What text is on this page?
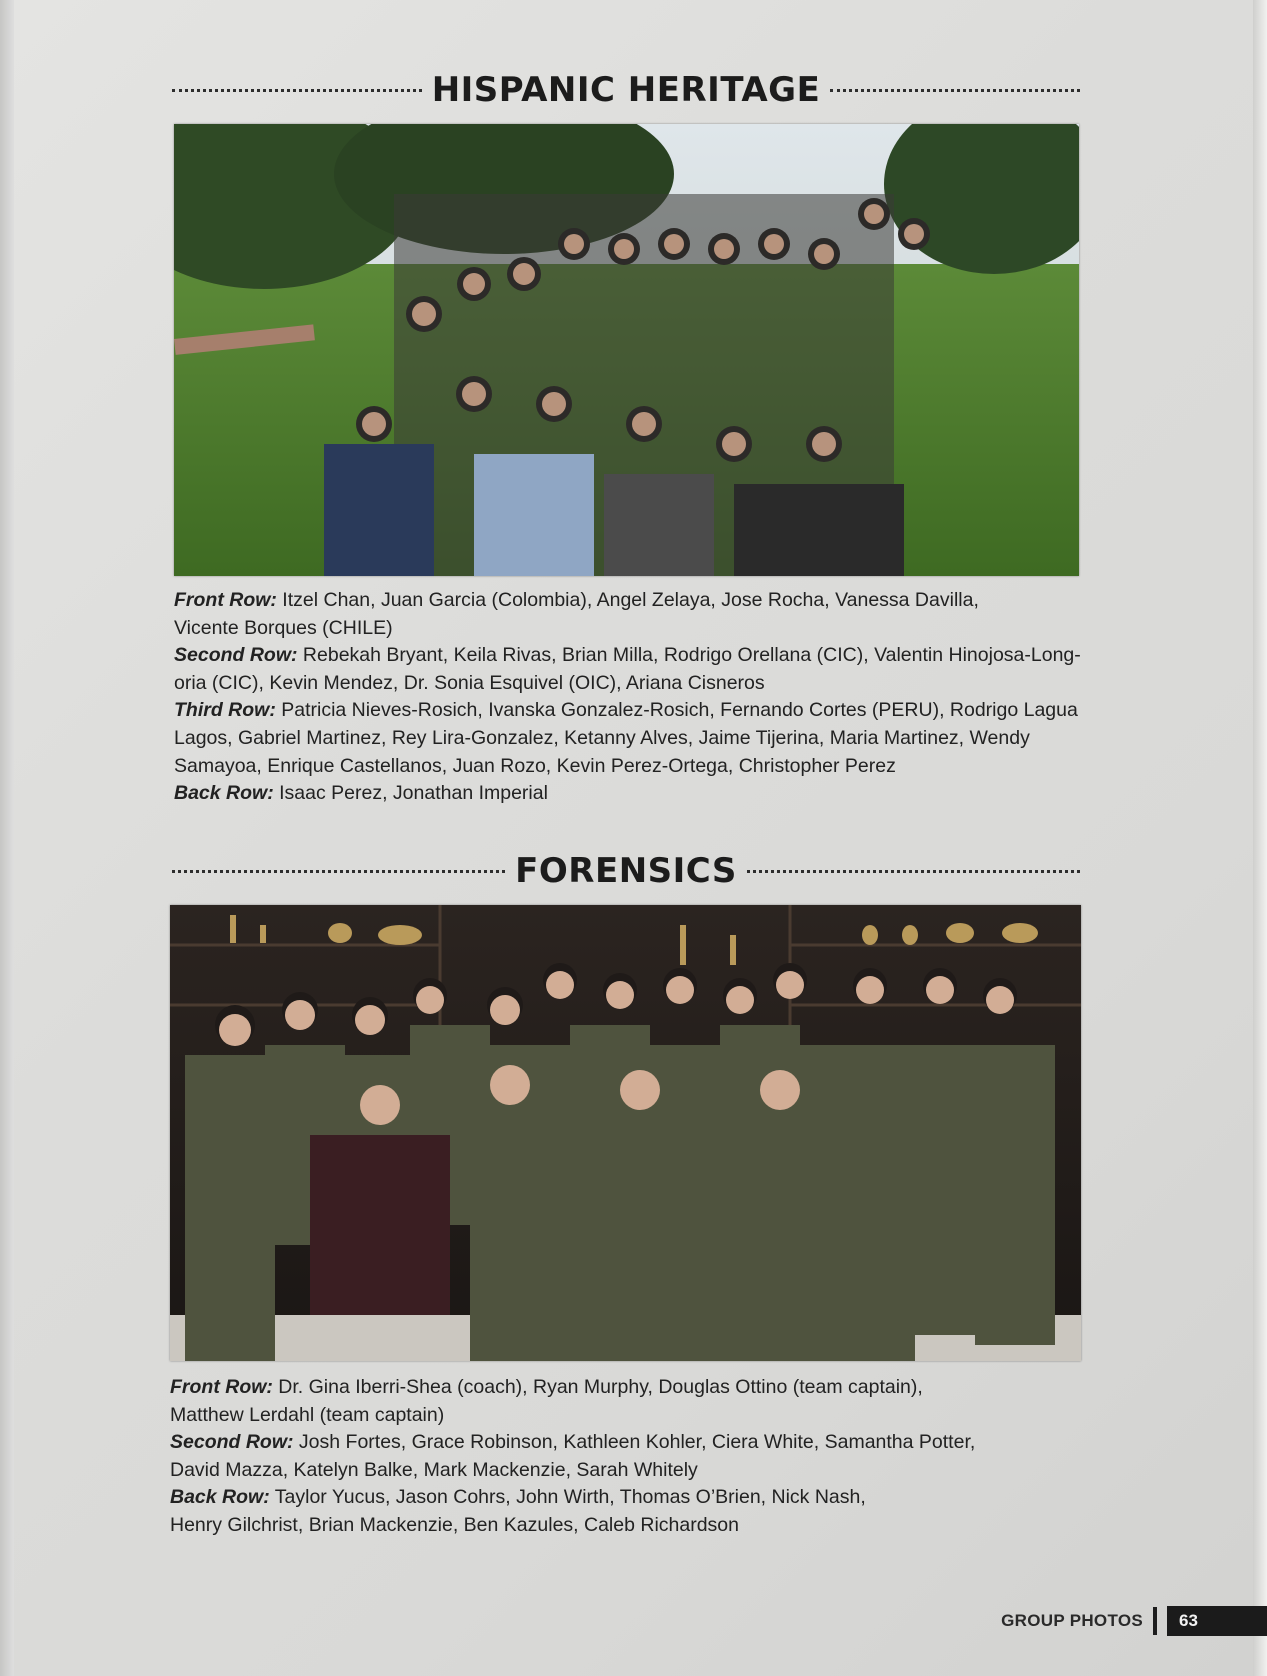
HISPANIC HERITAGE

Front Row: Itzel Chan, Juan Garcia (Colombia), Angel Zelaya, Jose Rocha, Vanessa Davilla,

Vicente Borques (CHILE)

Second Row: Rebekah Bryant, Keila Rivas, Brian Milla, Rodrigo Orellana (CIC), Valentin Hinojosa-Long-

oria (CIC), Kevin Mendez, Dr. Sonia Esquivel (OIC), Ariana Cisneros

Third Row: Patricia Nieves-Rosich, Ivanska Gonzalez-Rosich, Fernando Cortes (PERU), Rodrigo Lagua

Lagos, Gabriel Martinez, Rey Lira-Gonzalez, Ketanny Alves, Jaime Tijerina, Maria Martinez, Wendy

Samayoa, Enrique Castellanos, Juan Rozo, Kevin Perez-Ortega, Christopher Perez

Back Row: Isaac Perez, Jonathan Imperial

FORENSICS

Front Row: Dr. Gina Iberri-Shea (coach), Ryan Murphy, Douglas Ottino (team captain),

Matthew Lerdahl (team captain)

Second Row: Josh Fortes, Grace Robinson, Kathleen Kohler, Ciera White, Samantha Potter,

David Mazza, Katelyn Balke, Mark Mackenzie, Sarah Whitely

Back Row: Taylor Yucus, Jason Cohrs, John Wirth, Thomas O’Brien, Nick Nash,

Henry Gilchrist, Brian Mackenzie, Ben Kazules, Caleb Richardson

GROUP PHOTOS	63
